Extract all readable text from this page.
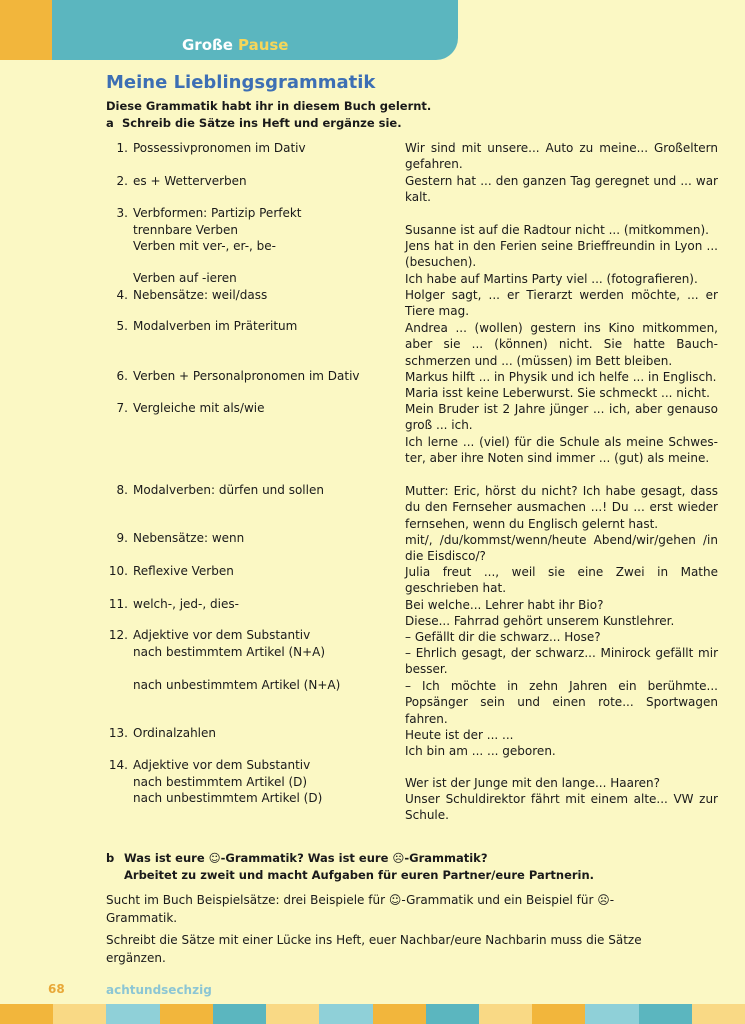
Große Pause
Meine Lieblingsgrammatik
Diese Grammatik habt ihr in diesem Buch gelernt.
a Schreib die Sätze ins Heft und ergänze sie.
1. Possessivpronomen im Dativ
2. es + Wetterverben
3. Verbformen: Partizip Perfekt
trennbare Verben
Verben mit ver-, er-, be-
Verben auf -ieren
4. Nebensätze: weil/dass
5. Modalverben im Präteritum
6. Verben + Personalpronomen im Dativ
7. Vergleiche mit als/wie
8. Modalverben: dürfen und sollen
9. Nebensätze: wenn
10. Reflexive Verben
11. welch-, jed-, dies-
12. Adjektive vor dem Substantiv
nach bestimmtem Artikel (N+A)
nach unbestimmtem Artikel (N+A)
13. Ordinalzahlen
14. Adjektive vor dem Substantiv
nach bestimmtem Artikel (D)
nach unbestimmtem Artikel (D)
Wir sind mit unsere... Auto zu meine... Großeltern gefahren.
Gestern hat ... den ganzen Tag geregnet und ... war kalt.
Susanne ist auf die Radtour nicht ... (mitkommen).
Jens hat in den Ferien seine Brieffreundin in Lyon ... (besuchen).
Ich habe auf Martins Party viel ... (fotografieren).
Holger sagt, ... er Tierarzt werden möchte, ... er Tiere mag.
Andrea ... (wollen) gestern ins Kino mitkommen, aber sie ... (können) nicht. Sie hatte Bauch-schmerzen und ... (müssen) im Bett bleiben.
Markus hilft ... in Physik und ich helfe ... in Englisch.
Maria isst keine Leberwurst. Sie schmeckt ... nicht.
Mein Bruder ist 2 Jahre jünger ... ich, aber genauso groß ... ich.
Ich lerne ... (viel) für die Schule als meine Schwes-ter, aber ihre Noten sind immer ... (gut) als meine.
Mutter: Eric, hörst du nicht? Ich habe gesagt, dass du den Fernseher ausmachen ...! Du ... erst wieder fernsehen, wenn du Englisch gelernt hast.
mit/, /du/kommst/wenn/heute Abend/wir/gehen /in die Eisdisco/?
Julia freut ..., weil sie eine Zwei in Mathe geschrieben hat.
Bei welche... Lehrer habt ihr Bio?
Diese... Fahrrad gehört unserem Kunstlehrer.
– Gefällt dir die schwarz... Hose?
– Ehrlich gesagt, der schwarz... Minirock gefällt mir besser.
– Ich möchte in zehn Jahren ein berühmte... Popsänger sein und einen rote... Sportwagen fahren.
Heute ist der ... ...
Ich bin am ... ... geboren.
Wer ist der Junge mit den lange... Haaren?
Unser Schuldirektor fährt mit einem alte... VW zur Schule.
b Was ist eure ☺-Grammatik? Was ist eure ☹-Grammatik?
Arbeitet zu zweit und macht Aufgaben für euren Partner/eure Partnerin.
Sucht im Buch Beispielsätze: drei Beispiele für ☺-Grammatik und ein Beispiel für ☹-Grammatik.
Schreibt die Sätze mit einer Lücke ins Heft, euer Nachbar/eure Nachbarin muss die Sätze ergänzen.
68	achtundsechzig
